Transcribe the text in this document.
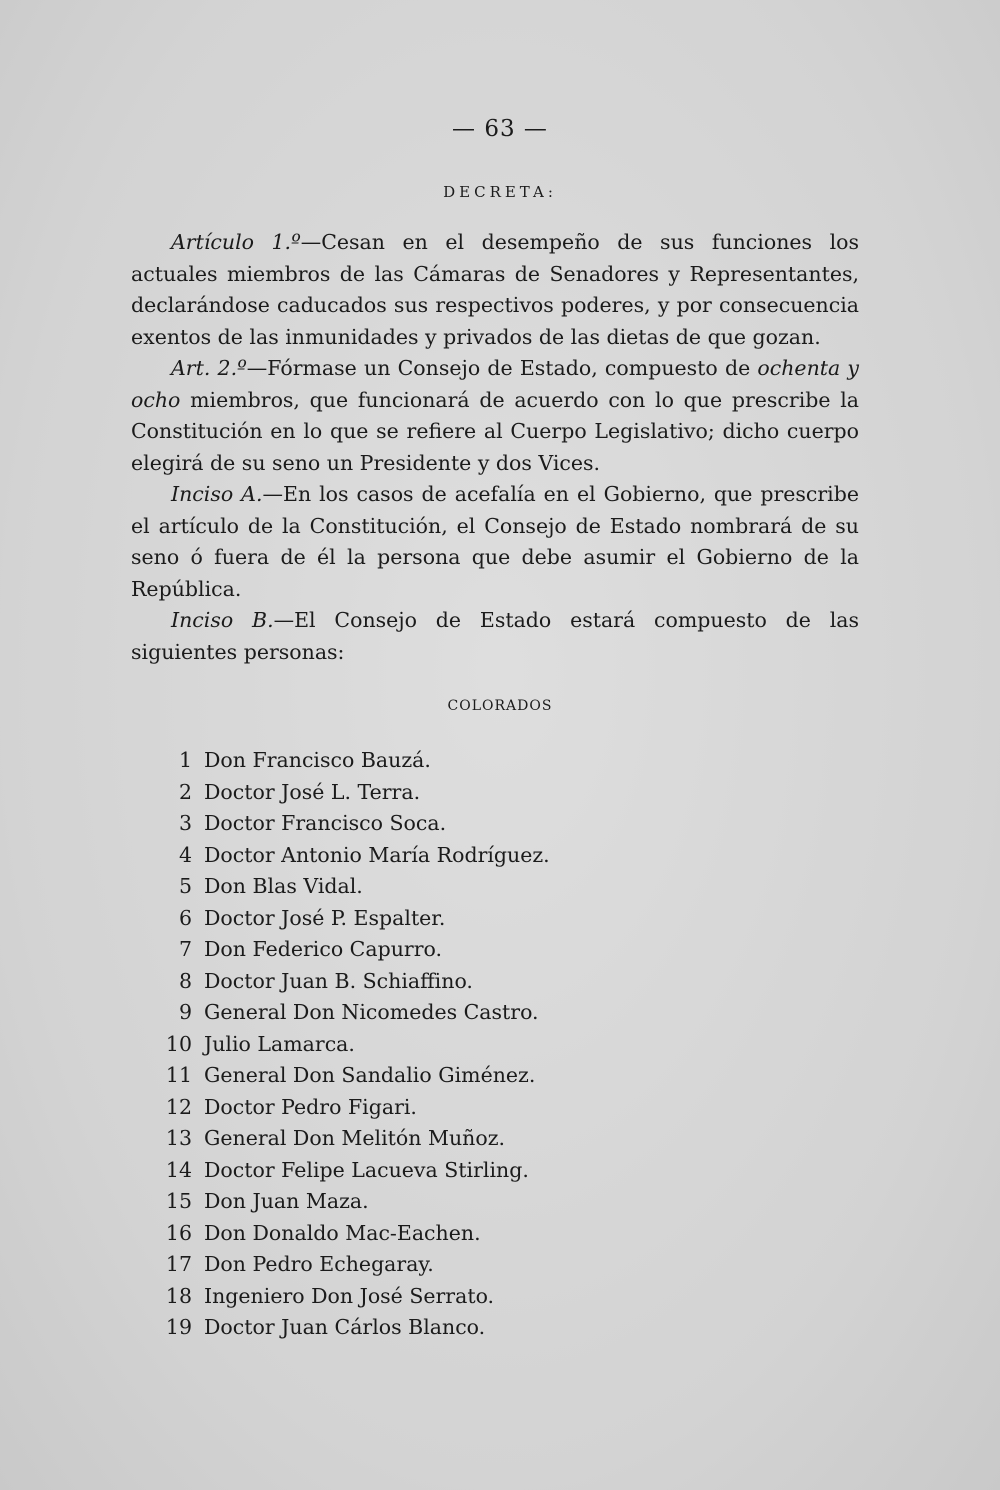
— 63 —
DECRETA:

Artículo 1.º—Cesan en el desempeño de sus funciones los actuales miembros de las Cámaras de Senadores y Representantes, declarándose caducados sus respectivos poderes, y por consecuencia exentos de las inmunidades y privados de las dietas de que gozan.

Art. 2.º—Fórmase un Consejo de Estado, compuesto de ochenta y ocho miembros, que funcionará de acuerdo con lo que prescribe la Constitución en lo que se refiere al Cuerpo Legislativo; dicho cuerpo elegirá de su seno un Presidente y dos Vices.

Inciso A.—En los casos de acefalía en el Gobierno, que prescribe el artículo de la Constitución, el Consejo de Estado nombrará de su seno ó fuera de él la persona que debe asumir el Gobierno de la República.

Inciso B.—El Consejo de Estado estará compuesto de las siguientes personas:

COLORADOS
1 Don Francisco Bauzá.
2 Doctor José L. Terra.
3 Doctor Francisco Soca.
4 Doctor Antonio María Rodríguez.
5 Don Blas Vidal.
6 Doctor José P. Espalter.
7 Don Federico Capurro.
8 Doctor Juan B. Schiaffino.
9 General Don Nicomedes Castro.
10 Julio Lamarca.
11 General Don Sandalio Giménez.
12 Doctor Pedro Figari.
13 General Don Melitón Muñoz.
14 Doctor Felipe Lacueva Stirling.
15 Don Juan Maza.
16 Don Donaldo Mac-Eachen.
17 Don Pedro Echegaray.
18 Ingeniero Don José Serrato.
19 Doctor Juan Cárlos Blanco.
